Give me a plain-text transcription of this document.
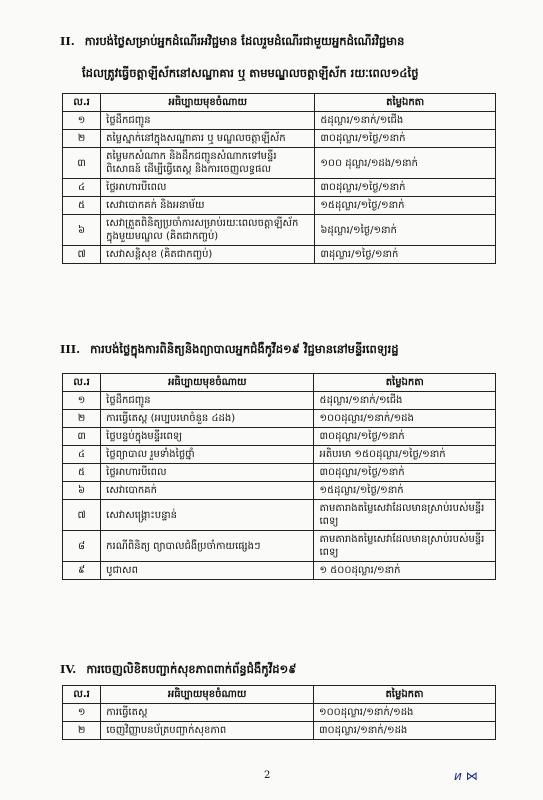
II. ការបង់ថ្លៃសម្រាប់អ្នកដំណើរអវិជ្ជមាន ដែលរួមដំណើរជាមួយអ្នកដំណើរវិជ្ជមាន
ដែលត្រូវធ្វើចត្តាឡីស័កនៅសណ្ឋាគារ ឬ តាមមណ្ឌលចត្តាឡីស័ក រយៈពេល១៤ថ្ងៃ
ល.រ	អធិប្បាយមុខចំណាយ	តម្លៃឯកតា
១	ថ្លៃដឹកជញ្ជូន	៥ដុល្លារ/១នាក់/១ជើង
២	តម្លៃស្នាក់នៅក្នុងសណ្ឋាគារ ឬ មណ្ឌលចត្តាឡីស័ក	៣០ដុល្លារ/១ថ្ងៃ/១នាក់
៣	តម្លៃមកសំណាក និងដឹកជញ្ជូនសំណាកទៅមន្ទីរពិសោធន៍ ដើម្បីធ្វើតេស្ត និងការចេញលទ្ធផល	១០០ ដុល្លារ/១ដង/១នាក់
៤	ថ្លៃអាហារបីពេល	៣០ដុល្លារ/១ថ្ងៃ/១នាក់
៥	សេវាបោកគក់ និងអនាម័យ	១៥ដុល្លារ/១ថ្ងៃ/១នាក់
៦	សេវាត្រួតពិនិត្យប្រចាំការសម្រាប់រយៈពេលចត្តាឡីស័កក្នុងមួយមណ្ឌល (គិតជាកញ្ចប់)	៦ដុល្លារ/១ថ្ងៃ/១នាក់
៧	សេវាសន្តិសុខ (គិតជាកញ្ចប់)	៣ដុល្លារ/១ថ្ងៃ/១នាក់
III. ការបង់ថ្លៃក្នុងការពិនិត្យនិងព្យាបាលអ្នកជំងឺកូវីដ១៩ វិជ្ជមាននៅមន្ទីរពេទ្យរដ្ឋ
ល.រ	អធិប្បាយមុខចំណាយ	តម្លៃឯកតា
១	ថ្លៃដឹកជញ្ជូន	៥ដុល្លារ/១នាក់/១ជើង
២	ការធ្វើតេស្ត (អប្បបរមាចំនួន ៤ដង)	១០០ដុល្លារ/១នាក់/១ដង
៣	ថ្លៃបន្ទប់ក្នុងមន្ទីរពេទ្យ	៣០ដុល្លារ/១ថ្ងៃ/១នាក់
៤	ថ្លៃព្យាបាល រួមទាំងថ្លៃថ្នាំ	អតិបរមា ១៥០ដុល្លារ/១ថ្ងៃ/១នាក់
៥	ថ្លៃអាហារបីពេល	៣០ដុល្លារ/១ថ្ងៃ/១នាក់
៦	សេវាបោកគក់	១៥ដុល្លារ/១ថ្ងៃ/១នាក់
៧	សេវាសង្គ្រោះបន្ទាន់	តាមតារាងតម្លៃសេវាដែលមានស្រាប់របស់មន្ទីរពេទ្យ
៨	ករណីពិនិត្យ ព្យាបាលជំងឺប្រចាំកាយផ្សេងៗ	តាមតារាងតម្លៃសេវាដែលមានស្រាប់របស់មន្ទីរពេទ្យ
៩	បូជាសព	១ ៥០០ដុល្លារ/១នាក់
IV. ការចេញលិខិតបញ្ជាក់សុខភាពពាក់ព័ន្ធជំងឺកូវីដ១៩
ល.រ	អធិប្បាយមុខចំណាយ	តម្លៃឯកតា
១	ការធ្វើតេស្ត	១០០ដុល្លារ/១នាក់/១ដង
២	ចេញវិញ្ញាបនប័ត្របញ្ជាក់សុខភាព	៣០ដុល្លារ/១នាក់/១ដង
2	ᴎ ⋈
